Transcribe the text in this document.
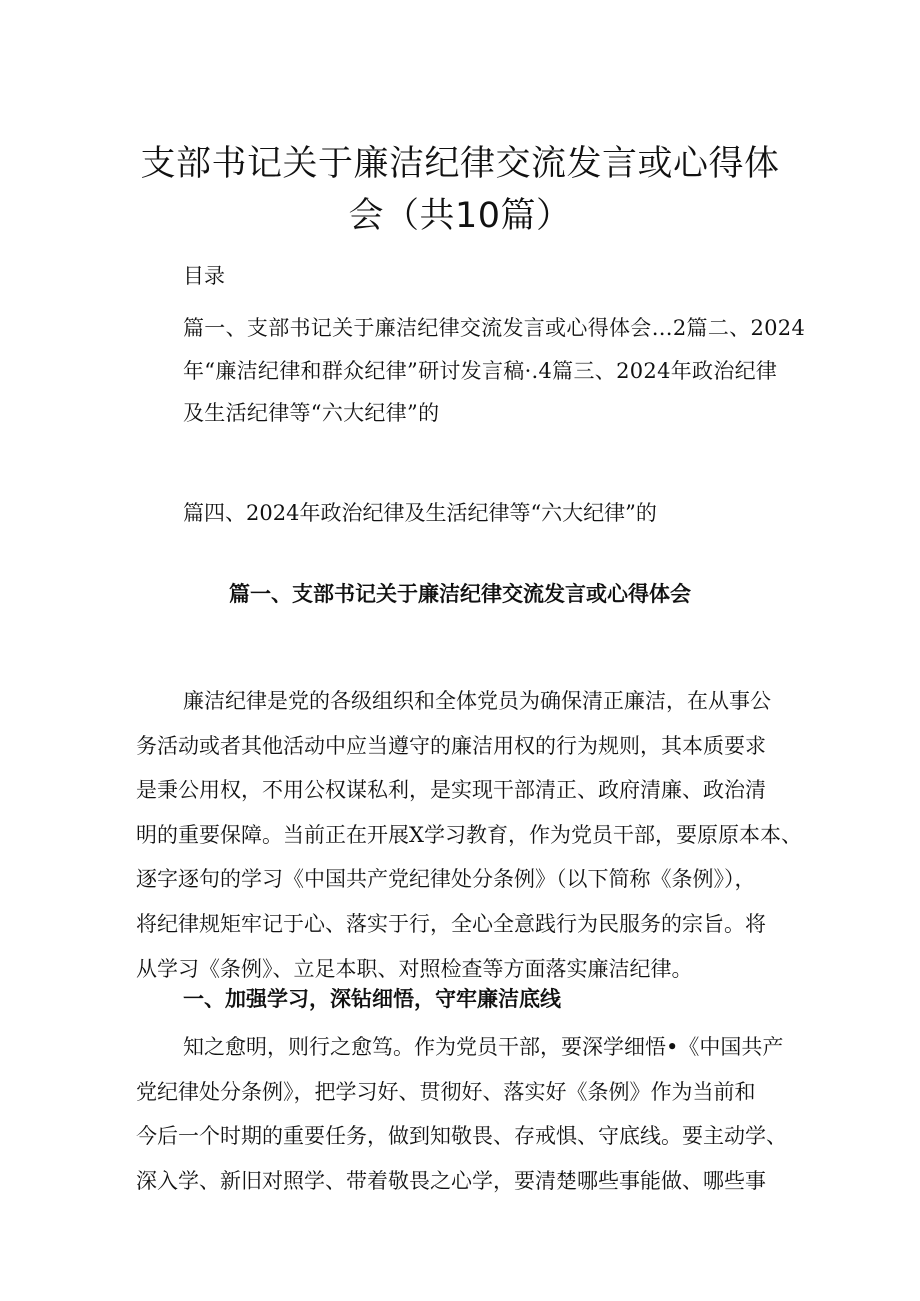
支部书记关于廉洁纪律交流发言或心得体
会（共10篇）
目录
篇一、支部书记关于廉洁纪律交流发言或心得体会…2篇二、2024
年“廉洁纪律和群众纪律”研讨发言稿·.4篇三、2024年政治纪律
及生活纪律等“六大纪律”的
篇四、2024年政治纪律及生活纪律等“六大纪律”的
篇一、支部书记关于廉洁纪律交流发言或心得体会
廉洁纪律是党的各级组织和全体党员为确保清正廉洁，在从事公
务活动或者其他活动中应当遵守的廉洁用权的行为规则，其本质要求
是秉公用权，不用公权谋私利，是实现干部清正、政府清廉、政治清
明的重要保障。当前正在开展X学习教育，作为党员干部，要原原本本、
逐字逐句的学习《中国共产党纪律处分条例》（以下简称《条例》），
将纪律规矩牢记于心、落实于行，全心全意践行为民服务的宗旨。将
从学习《条例》、立足本职、对照检查等方面落实廉洁纪律。
一、加强学习，深钻细悟，守牢廉洁底线
知之愈明，则行之愈笃。作为党员干部，要深学细悟•《中国共产
党纪律处分条例》，把学习好、贯彻好、落实好《条例》作为当前和
今后一个时期的重要任务，做到知敬畏、存戒惧、守底线。要主动学、
深入学、新旧对照学、带着敬畏之心学，要清楚哪些事能做、哪些事
